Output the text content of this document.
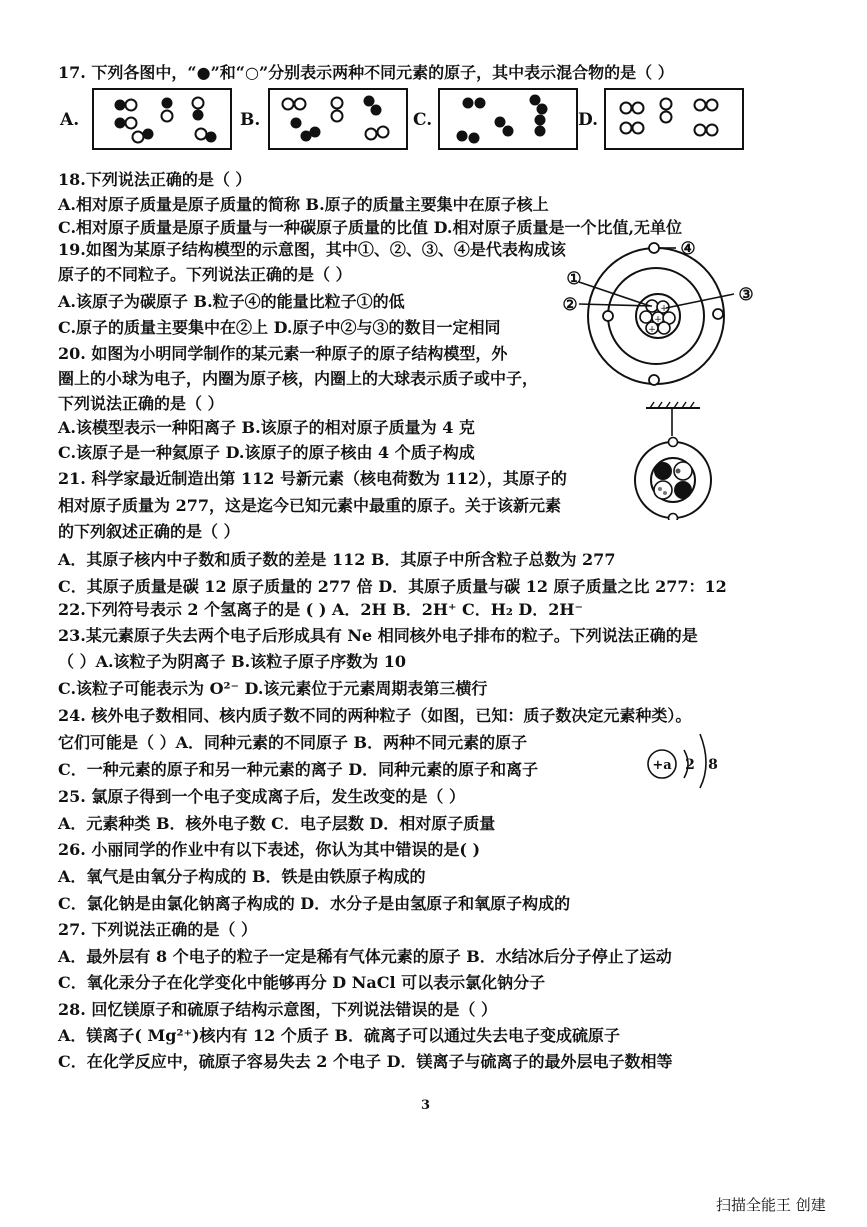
17. 下列各图中，“●”和“○”分别表示两种不同元素的原子，其中表示混合物的是（ ）
18.下列说法正确的是（ ）
A.相对原子质量是原子质量的简称 B.原子的质量主要集中在原子核上
C.相对原子质量是原子质量与一种碳原子质量的比值 D.相对原子质量是一个比值,无单位
19.如图为某原子结构模型的示意图，其中①、②、③、④是代表构成该
原子的不同粒子。下列说法正确的是（ ）
A.该原子为碳原子 B.粒子④的能量比粒子①的低
C.原子的质量主要集中在②上 D.原子中②与③的数目一定相同
20. 如图为小明同学制作的某元素一种原子的原子结构模型，外
圈上的小球为电子，内圈为原子核，内圈上的大球表示质子或中子，
下列说法正确的是（ ）
A.该模型表示一种阳离子 B.该原子的相对原子质量为 4 克
C.该原子是一种氦原子 D.该原子的原子核由 4 个质子构成
21. 科学家最近制造出第 112 号新元素（核电荷数为 112），其原子的
相对原子质量为 277，这是迄今已知元素中最重的原子。关于该新元素
的下列叙述正确的是（ ）
A．其原子核内中子数和质子数的差是 112 B．其原子中所含粒子总数为 277
C．其原子质量是碳 12 原子质量的 277 倍 D．其原子质量与碳 12 原子质量之比 277：12
22.下列符号表示 2 个氢离子的是 ( ) A．2H B．2H⁺ C．H₂ D．2H⁻
23.某元素原子失去两个电子后形成具有 Ne 相同核外电子排布的粒子。下列说法正确的是
（ ）A.该粒子为阴离子 B.该粒子原子序数为 10
C.该粒子可能表示为 O²⁻ D.该元素位于元素周期表第三横行
24. 核外电子数相同、核内质子数不同的两种粒子（如图，已知：质子数决定元素种类）。
它们可能是（ ）A．同种元素的不同原子 B．两种不同元素的原子
C．一种元素的原子和另一种元素的离子 D．同种元素的原子和离子
25. 氯原子得到一个电子变成离子后，发生改变的是（ ）
A．元素种类 B．核外电子数 C．电子层数 D．相对原子质量
26. 小丽同学的作业中有以下表述，你认为其中错误的是( )
A．氧气是由氧分子构成的 B．铁是由铁原子构成的
C．氯化钠是由氯化钠离子构成的 D．水分子是由氢原子和氧原子构成的
27. 下列说法正确的是（ ）
A．最外层有 8 个电子的粒子一定是稀有气体元素的原子 B．水结冰后分子停止了运动
C．氧化汞分子在化学变化中能够再分 D NaCl 可以表示氯化钠分子
28. 回忆镁原子和硫原子结构示意图，下列说法错误的是（ ）
A．镁离子( Mg²⁺)核内有 12 个质子 B．硫离子可以通过失去电子变成硫原子
C．在化学反应中，硫原子容易失去 2 个电子 D．镁离子与硫离子的最外层电子数相等
A.	B.	C.	D.
+
+
+
④
①
②	③
+a 2 8
3
扫描全能王 创建
